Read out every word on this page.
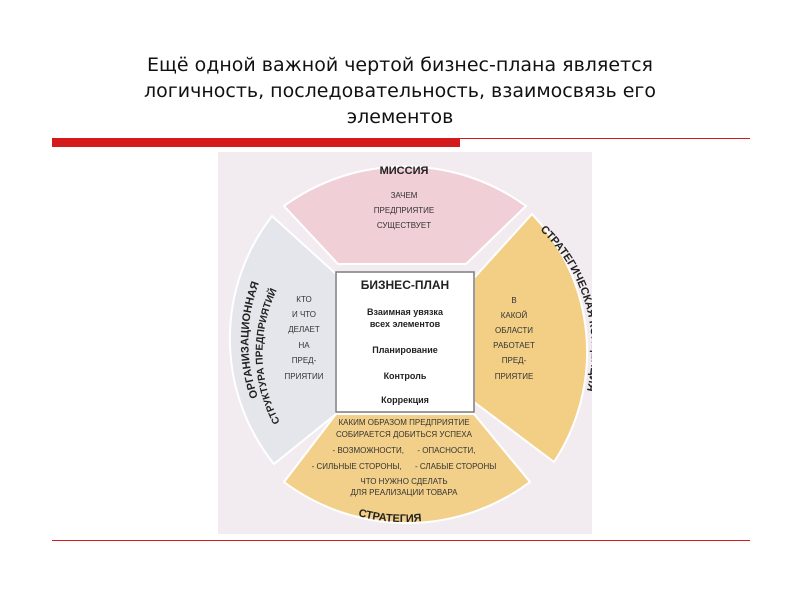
Ещё одной важной чертой бизнес-плана является
логичность, последовательность, взаимосвязь его
элементов
МИССИЯ
ЗАЧЕМ
ПРЕДПРИЯТИЕ
СУЩЕСТВУЕТ	СТРАТЕГИЧЕС
В
КАКОЙ
ОБЛАСТИ
РАБОТАЕТ
ПРЕД-
ПРИЯТИЕ
ОРГАНИЗАЦИОННАЯ
СТРУКТУРА ПРЕДПРИЯТИЙ
КТО
И ЧТО
ДЕЛАЕТ
НА
ПРЕД-
ПРИЯТИИ
КАКИМ ОБРАЗОМ ПРЕДПРИЯТИЕ
СОБИРАЕТСЯ ДОБИТЬСЯ УСПЕХА
- ВОЗМОЖНОСТИ,      - ОПАСНОСТИ,
- СИЛЬНЫЕ СТОРОНЫ,      - СЛАБЫЕ СТОРОНЫ
ЧТО НУЖНО СДЕЛАТЬ
ДЛЯ РЕАЛИЗАЦИИ ТОВАРА
СТРАТЕГИЯ
БИЗНЕС-ПЛАН
Взаимная увязка
всех элементов
Планирование
Контроль
Коррекция
